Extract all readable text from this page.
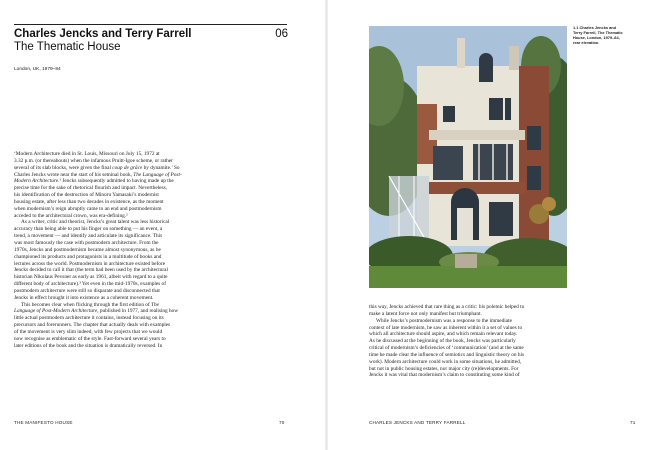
Charles Jencks and Terry Farrell
The Thematic House
06
London, UK, 1979–84

‘Modern Architecture died in St. Louis, Missouri on July 15, 1972 at
3.32 p.m. (or thereabouts) when the infamous Pruitt-Igoe scheme, or rather
several of its slab blocks, were given the final coup de grâce by dynamite.’ So
Charles Jencks wrote near the start of his seminal book, The Language of Post-
Modern Architecture.¹ Jencks subsequently admitted to having made up the
precise time for the sake of rhetorical flourish and impact. Nevertheless,
his identification of the destruction of Minoru Yamasaki’s modernist
housing estate, after less than two decades in existence, as the moment
when modernism’s reign abruptly came to an end and postmodernism
acceded to the architectural crown, was era-defining.²
As a writer, critic and theorist, Jencks’s great talent was less historical
accuracy than being able to put his finger on something — an event, a
trend, a movement — and identify and articulate its significance. This
was most famously the case with postmodern architecture. From the
1970s, Jencks and postmodernism became almost synonymous, as he
championed its products and protagonists in a multitude of books and
lectures across the world. Postmodernism in architecture existed before
Jencks decided to call it that (the term had been used by the architectural
historian Nikolaus Pevsner as early as 1961, albeit with regard to a quite
different body of architecture).³ Yet even in the mid-1970s, examples of
postmodern architecture were still so disparate and disconnected that
Jencks in effect brought it into existence as a coherent movement.
This becomes clear when flicking through the first edition of The
Language of Post-Modern Architecture, published in 1977, and realising how
little actual postmodern architecture it contains, instead focusing on its
precursors and forerunners. The chapter that actually deals with examples
of the movement is very slim indeed, with few projects that we would
now recognise as emblematic of the style. Fast-forward several years to
later editions of the book and the situation is dramatically reversed. In

THE MANIFESTO HOUSE	70
1.1 Charles Jencks and
Terry Farrell, The Thematic
House, London, 1979–84,
rear elevation.

this way, Jencks achieved that rare thing as a critic: his polemic helped to
make a latent force not only manifest but triumphant.
While Jencks’s postmodernism was a response to the immediate
context of late modernism, he saw as inherent within it a set of values to
which all architecture should aspire, and which remain relevant today.
As he discussed at the beginning of the book, Jencks was particularly
critical of modernism’s deficiencies of ‘communication’ (and at the same
time he made clear the influence of semiotics and linguistic theory on his
work). Modern architecture could work in some situations, he admitted,
but not in public housing estates, nor major city (re)developments. For
Jencks it was vital that modernism’s claim to constituting some kind of

CHARLES JENCKS AND TERRY FARRELL	71
